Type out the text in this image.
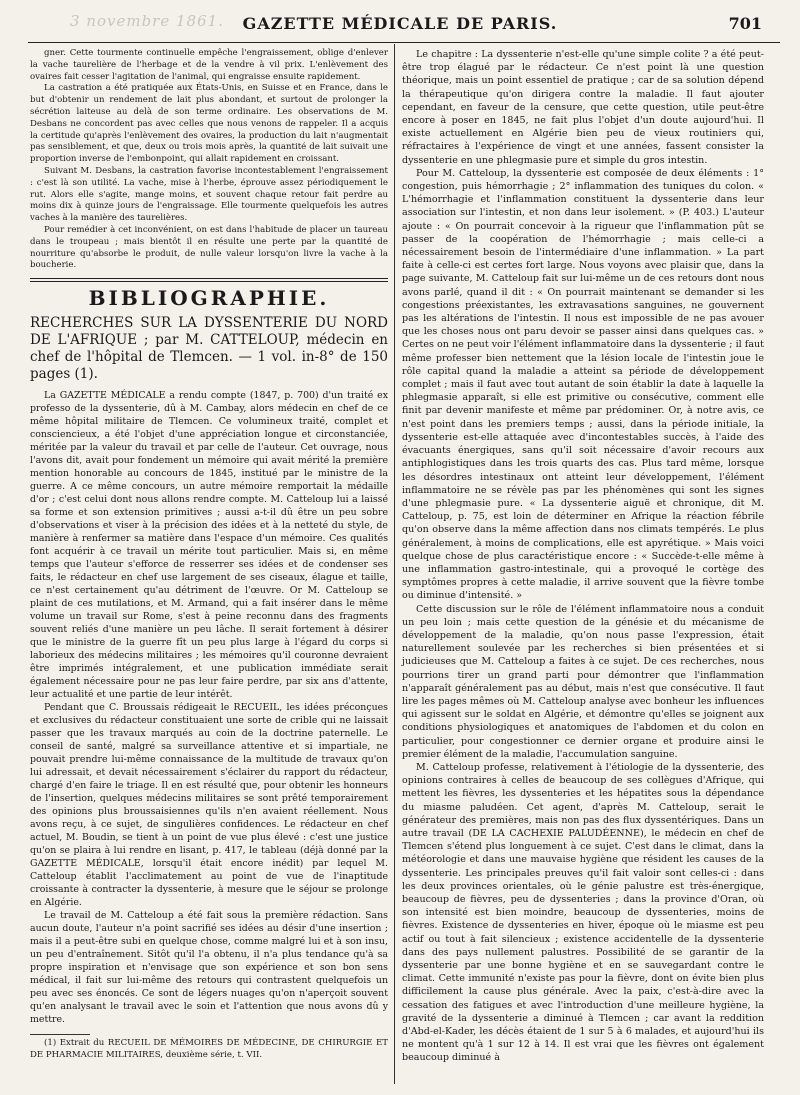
3 novembre 1861.	GAZETTE MÉDICALE DE PARIS.	701

gner. Cette tourmente continuelle empêche l'engraissement, oblige d'enlever la vache taurelière de l'herbage et de la vendre à vil prix. L'enlèvement des ovaires fait cesser l'agitation de l'animal, qui engraisse ensuite rapidement.

La castration a été pratiquée aux États-Unis, en Suisse et en France, dans le but d'obtenir un rendement de lait plus abondant, et surtout de prolonger la sécrétion laiteuse au delà de son terme ordinaire. Les observations de M. Desbans ne concordent pas avec celles que nous venons de rappeler. Il a acquis la certitude qu'après l'enlèvement des ovaires, la production du lait n'augmentait pas sensiblement, et que, deux ou trois mois après, la quantité de lait suivait une proportion inverse de l'embonpoint, qui allait rapidement en croissant.

Suivant M. Desbans, la castration favorise incontestablement l'engraissement : c'est là son utilité. La vache, mise à l'herbe, éprouve assez périodiquement le rut. Alors elle s'agite, mange moins, et souvent chaque retour fait perdre au moins dix à quinze jours de l'engraissage. Elle tourmente quelquefois les autres vaches à la manière des taurelières.

Pour remédier à cet inconvénient, on est dans l'habitude de placer un taureau dans le troupeau ; mais bientôt il en résulte une perte par la quantité de nourriture qu'absorbe le produit, de nulle valeur lorsqu'on livre la vache à la boucherie.

BIBLIOGRAPHIE.
RECHERCHES SUR LA DYSSENTERIE DU NORD DE L'AFRIQUE ; par M. CATTELOUP, médecin en chef de l'hôpital de Tlemcen. — 1 vol. in-8° de 150 pages (1).

La GAZETTE MÉDICALE a rendu compte (1847, p. 700) d'un traité ex professo de la dyssenterie, dû à M. Cambay, alors médecin en chef de ce même hôpital militaire de Tlemcen. Ce volumineux traité, complet et consciencieux, a été l'objet d'une appréciation longue et circonstanciée, méritée par la valeur du travail et par celle de l'auteur. Cet ouvrage, nous l'avons dit, avait pour fondement un mémoire qui avait mérité la première mention honorable au concours de 1845, institué par le ministre de la guerre. A ce même concours, un autre mémoire remportait la médaille d'or ; c'est celui dont nous allons rendre compte. M. Catteloup lui a laissé sa forme et son extension primitives ; aussi a-t-il dû être un peu sobre d'observations et viser à la précision des idées et à la netteté du style, de manière à renfermer sa matière dans l'espace d'un mémoire. Ces qualités font acquérir à ce travail un mérite tout particulier. Mais si, en même temps que l'auteur s'efforce de resserrer ses idées et de condenser ses faits, le rédacteur en chef use largement de ses ciseaux, élague et taille, ce n'est certainement qu'au détriment de l'œuvre. Or M. Catteloup se plaint de ces mutilations, et M. Armand, qui a fait insérer dans le même volume un travail sur Rome, s'est à peine reconnu dans des fragments souvent reliés d'une manière un peu lâche. Il serait fortement à désirer que le ministre de la guerre fît un peu plus large à l'égard du corps si laborieux des médecins militaires ; les mémoires qu'il couronne devraient être imprimés intégralement, et une publication immédiate serait également nécessaire pour ne pas leur faire perdre, par six ans d'attente, leur actualité et une partie de leur intérêt.

Pendant que C. Broussais rédigeait le RECUEIL, les idées préconçues et exclusives du rédacteur constituaient une sorte de crible qui ne laissait passer que les travaux marqués au coin de la doctrine paternelle. Le conseil de santé, malgré sa surveillance attentive et si impartiale, ne pouvait prendre lui-même connaissance de la multitude de travaux qu'on lui adressait, et devait nécessairement s'éclairer du rapport du rédacteur, chargé d'en faire le triage. Il en est résulté que, pour obtenir les honneurs de l'insertion, quelques médecins militaires se sont prêté temporairement des opinions plus broussaisiennes qu'ils n'en avaient réellement. Nous avons reçu, à ce sujet, de singulières confidences. Le rédacteur en chef actuel, M. Boudin, se tient à un point de vue plus élevé : c'est une justice qu'on se plaira à lui rendre en lisant, p. 417, le tableau (déjà donné par la GAZETTE MÉDICALE, lorsqu'il était encore inédit) par lequel M. Catteloup établit l'acclimatement au point de vue de l'inaptitude croissante à contracter la dyssenterie, à mesure que le séjour se prolonge en Algérie.

Le travail de M. Catteloup a été fait sous la première rédaction. Sans aucun doute, l'auteur n'a point sacrifié ses idées au désir d'une insertion ; mais il a peut-être subi en quelque chose, comme malgré lui et à son insu, un peu d'entraînement. Sitôt qu'il l'a obtenu, il n'a plus tendance qu'à sa propre inspiration et n'envisage que son expérience et son bon sens médical, il fait sur lui-même des retours qui contrastent quelquefois un peu avec ses énoncés. Ce sont de légers nuages qu'on n'aperçoit souvent qu'en analysant le travail avec le soin et l'attention que nous avons dû y mettre.

(1) Extrait du RECUEIL DE MÉMOIRES DE MÉDECINE, DE CHIRURGIE ET DE PHARMACIE MILITAIRES, deuxième série, t. VII.

Le chapitre : La dyssenterie n'est-elle qu'une simple colite ? a été peut-être trop élagué par le rédacteur. Ce n'est point là une question théorique, mais un point essentiel de pratique ; car de sa solution dépend la thérapeutique qu'on dirigera contre la maladie. Il faut ajouter cependant, en faveur de la censure, que cette question, utile peut-être encore à poser en 1845, ne fait plus l'objet d'un doute aujourd'hui. Il existe actuellement en Algérie bien peu de vieux routiniers qui, réfractaires à l'expérience de vingt et une années, fassent consister la dyssenterie en une phlegmasie pure et simple du gros intestin.

Pour M. Catteloup, la dyssenterie est composée de deux éléments : 1° congestion, puis hémorrhagie ; 2° inflammation des tuniques du colon. « L'hémorrhagie et l'inflammation constituent la dyssenterie dans leur association sur l'intestin, et non dans leur isolement. » (P. 403.) L'auteur ajoute : « On pourrait concevoir à la rigueur que l'inflammation pût se passer de la coopération de l'hémorrhagie ; mais celle-ci a nécessairement besoin de l'intermédiaire d'une inflammation. » La part faite à celle-ci est certes fort large. Nous voyons avec plaisir que, dans la page suivante, M. Catteloup fait sur lui-même un de ces retours dont nous avons parlé, quand il dit : « On pourrait maintenant se demander si les congestions préexistantes, les extravasations sanguines, ne gouvernent pas les altérations de l'intestin. Il nous est impossible de ne pas avouer que les choses nous ont paru devoir se passer ainsi dans quelques cas. » Certes on ne peut voir l'élément inflammatoire dans la dyssenterie ; il faut même professer bien nettement que la lésion locale de l'intestin joue le rôle capital quand la maladie a atteint sa période de développement complet ; mais il faut avec tout autant de soin établir la date à laquelle la phlegmasie apparaît, si elle est primitive ou consécutive, comment elle finit par devenir manifeste et même par prédominer. Or, à notre avis, ce n'est point dans les premiers temps ; aussi, dans la période initiale, la dyssenterie est-elle attaquée avec d'incontestables succès, à l'aide des évacuants énergiques, sans qu'il soit nécessaire d'avoir recours aux antiphlogistiques dans les trois quarts des cas. Plus tard même, lorsque les désordres intestinaux ont atteint leur développement, l'élément inflammatoire ne se révèle pas par les phénomènes qui sont les signes d'une phlegmasie pure. « La dyssenterie aiguë et chronique, dit M. Catteloup, p. 75, est loin de déterminer en Afrique la réaction fébrile qu'on observe dans la même affection dans nos climats tempérés. Le plus généralement, à moins de complications, elle est apyrétique. » Mais voici quelque chose de plus caractéristique encore : « Succède-t-elle même à une inflammation gastro-intestinale, qui a provoqué le cortège des symptômes propres à cette maladie, il arrive souvent que la fièvre tombe ou diminue d'intensité. »

Cette discussion sur le rôle de l'élément inflammatoire nous a conduit un peu loin ; mais cette question de la génésie et du mécanisme de développement de la maladie, qu'on nous passe l'expression, était naturellement soulevée par les recherches si bien présentées et si judicieuses que M. Catteloup a faites à ce sujet. De ces recherches, nous pourrions tirer un grand parti pour démontrer que l'inflammation n'apparaît généralement pas au début, mais n'est que consécutive. Il faut lire les pages mêmes où M. Catteloup analyse avec bonheur les influences qui agissent sur le soldat en Algérie, et démontre qu'elles se joignent aux conditions physiologiques et anatomiques de l'abdomen et du colon en particulier, pour congestionner ce dernier organe et produire ainsi le premier élément de la maladie, l'accumulation sanguine.

M. Catteloup professe, relativement à l'étiologie de la dyssenterie, des opinions contraires à celles de beaucoup de ses collègues d'Afrique, qui mettent les fièvres, les dyssenteries et les hépatites sous la dépendance du miasme paludéen. Cet agent, d'après M. Catteloup, serait le générateur des premières, mais non pas des flux dyssentériques. Dans un autre travail (DE LA CACHEXIE PALUDÉENNE), le médecin en chef de Tlemcen s'étend plus longuement à ce sujet. C'est dans le climat, dans la météorologie et dans une mauvaise hygiène que résident les causes de la dyssenterie. Les principales preuves qu'il fait valoir sont celles-ci : dans les deux provinces orientales, où le génie palustre est très-énergique, beaucoup de fièvres, peu de dyssenteries ; dans la province d'Oran, où son intensité est bien moindre, beaucoup de dyssenteries, moins de fièvres. Existence de dyssenteries en hiver, époque où le miasme est peu actif ou tout à fait silencieux ; existence accidentelle de la dyssenterie dans des pays nullement palustres. Possibilité de se garantir de la dyssenterie par une bonne hygiène et en se sauvegardant contre le climat. Cette immunité n'existe pas pour la fièvre, dont on évite bien plus difficilement la cause plus générale. Avec la paix, c'est-à-dire avec la cessation des fatigues et avec l'introduction d'une meilleure hygiène, la gravité de la dyssenterie a diminué à Tlemcen ; car avant la reddition d'Abd-el-Kader, les décès étaient de 1 sur 5 à 6 malades, et aujourd'hui ils ne montent qu'à 1 sur 12 à 14. Il est vrai que les fièvres ont également beaucoup diminué à
